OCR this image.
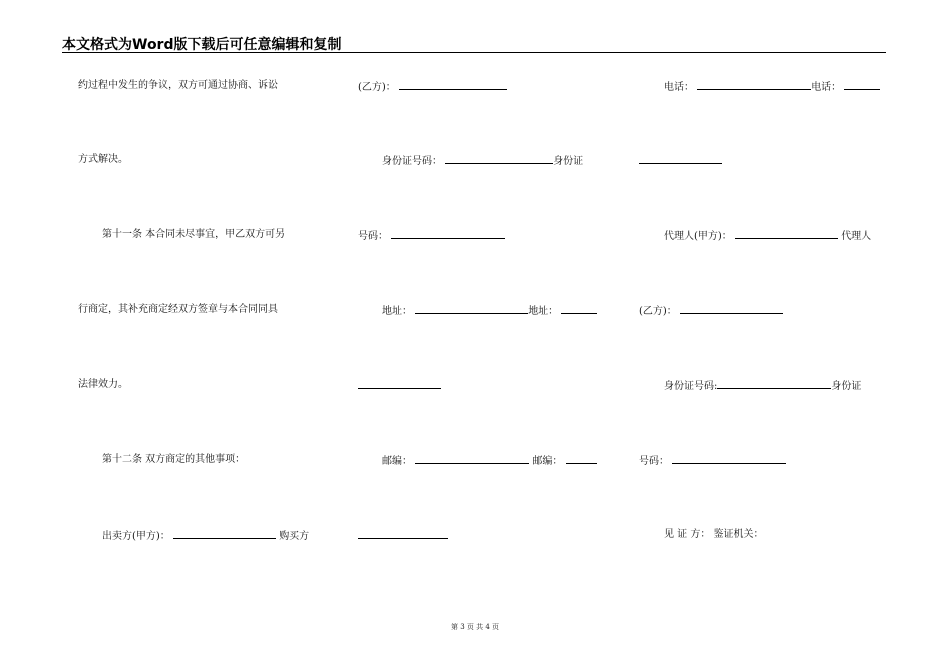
本文格式为Word版下载后可任意编辑和复制
约过程中发生的争议，双方可通过协商、诉讼
方式解决。
第十一条 本合同未尽事宜，甲乙双方可另
行商定，其补充商定经双方签章与本合同同具
法律效力。
第十二条 双方商定的其他事项：
出卖方(甲方)：	购买方
(乙方)：
身份证号码：	身份证
号码：
地址：	地址：
邮编：	邮编：
电话：	电话：
代理人(甲方)：	代理人
(乙方)：
身份证号码:	身份证
号码：
见 证 方： 鉴证机关：
第 3 页 共 4 页
